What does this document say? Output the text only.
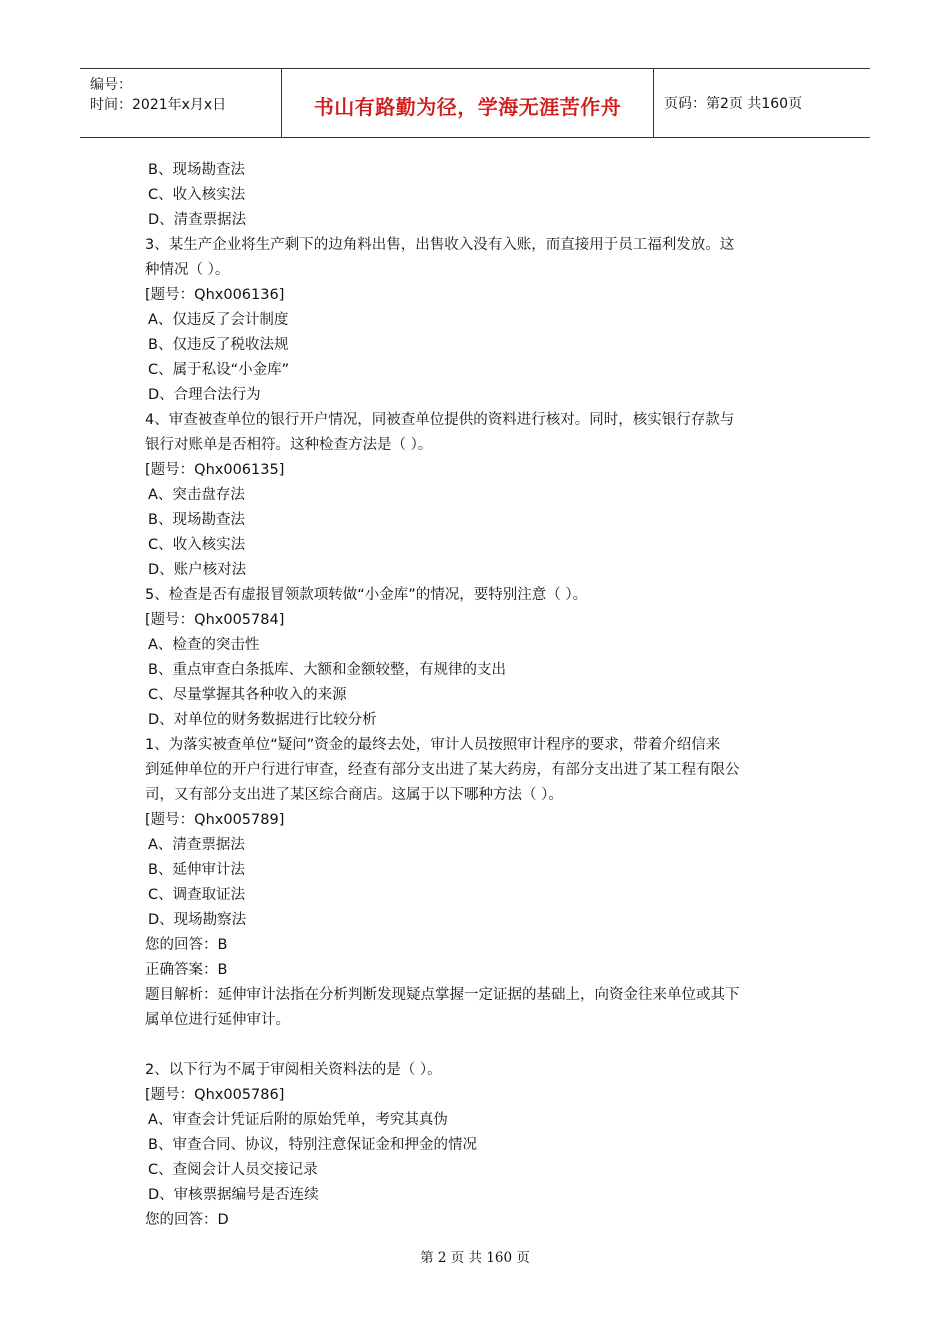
编号：
时间：2021年x月x日	书山有路勤为径，学海无涯苦作舟	页码：第2页 共160页
B、现场勘查法
C、收入核实法
D、清查票据法
3、某生产企业将生产剩下的边角料出售，出售收入没有入账，而直接用于员工福利发放。这
种情况（ ）。
[题号：Qhx006136]
A、仅违反了会计制度
B、仅违反了税收法规
C、属于私设“小金库”
D、合理合法行为
4、审查被查单位的银行开户情况，同被查单位提供的资料进行核对。同时，核实银行存款与
银行对账单是否相符。这种检查方法是（ ）。
[题号：Qhx006135]
A、突击盘存法
B、现场勘查法
C、收入核实法
D、账户核对法
5、检查是否有虚报冒领款项转做“小金库”的情况，要特别注意（ ）。
[题号：Qhx005784]
A、检查的突击性
B、重点审查白条抵库、大额和金额较整，有规律的支出
C、尽量掌握其各种收入的来源
D、对单位的财务数据进行比较分析
1、为落实被查单位“疑问”资金的最终去处，审计人员按照审计程序的要求，带着介绍信来
到延伸单位的开户行进行审查，经查有部分支出进了某大药房，有部分支出进了某工程有限公
司，又有部分支出进了某区综合商店。这属于以下哪种方法（ ）。
[题号：Qhx005789]
A、清查票据法
B、延伸审计法
C、调查取证法
D、现场勘察法
您的回答：B
正确答案：B
题目解析：延伸审计法指在分析判断发现疑点掌握一定证据的基础上，向资金往来单位或其下
属单位进行延伸审计。
2、以下行为不属于审阅相关资料法的是（ ）。
[题号：Qhx005786]
A、审查会计凭证后附的原始凭单，考究其真伪
B、审查合同、协议，特别注意保证金和押金的情况
C、查阅会计人员交接记录
D、审核票据编号是否连续
您的回答：D
第 2 页 共 160 页
